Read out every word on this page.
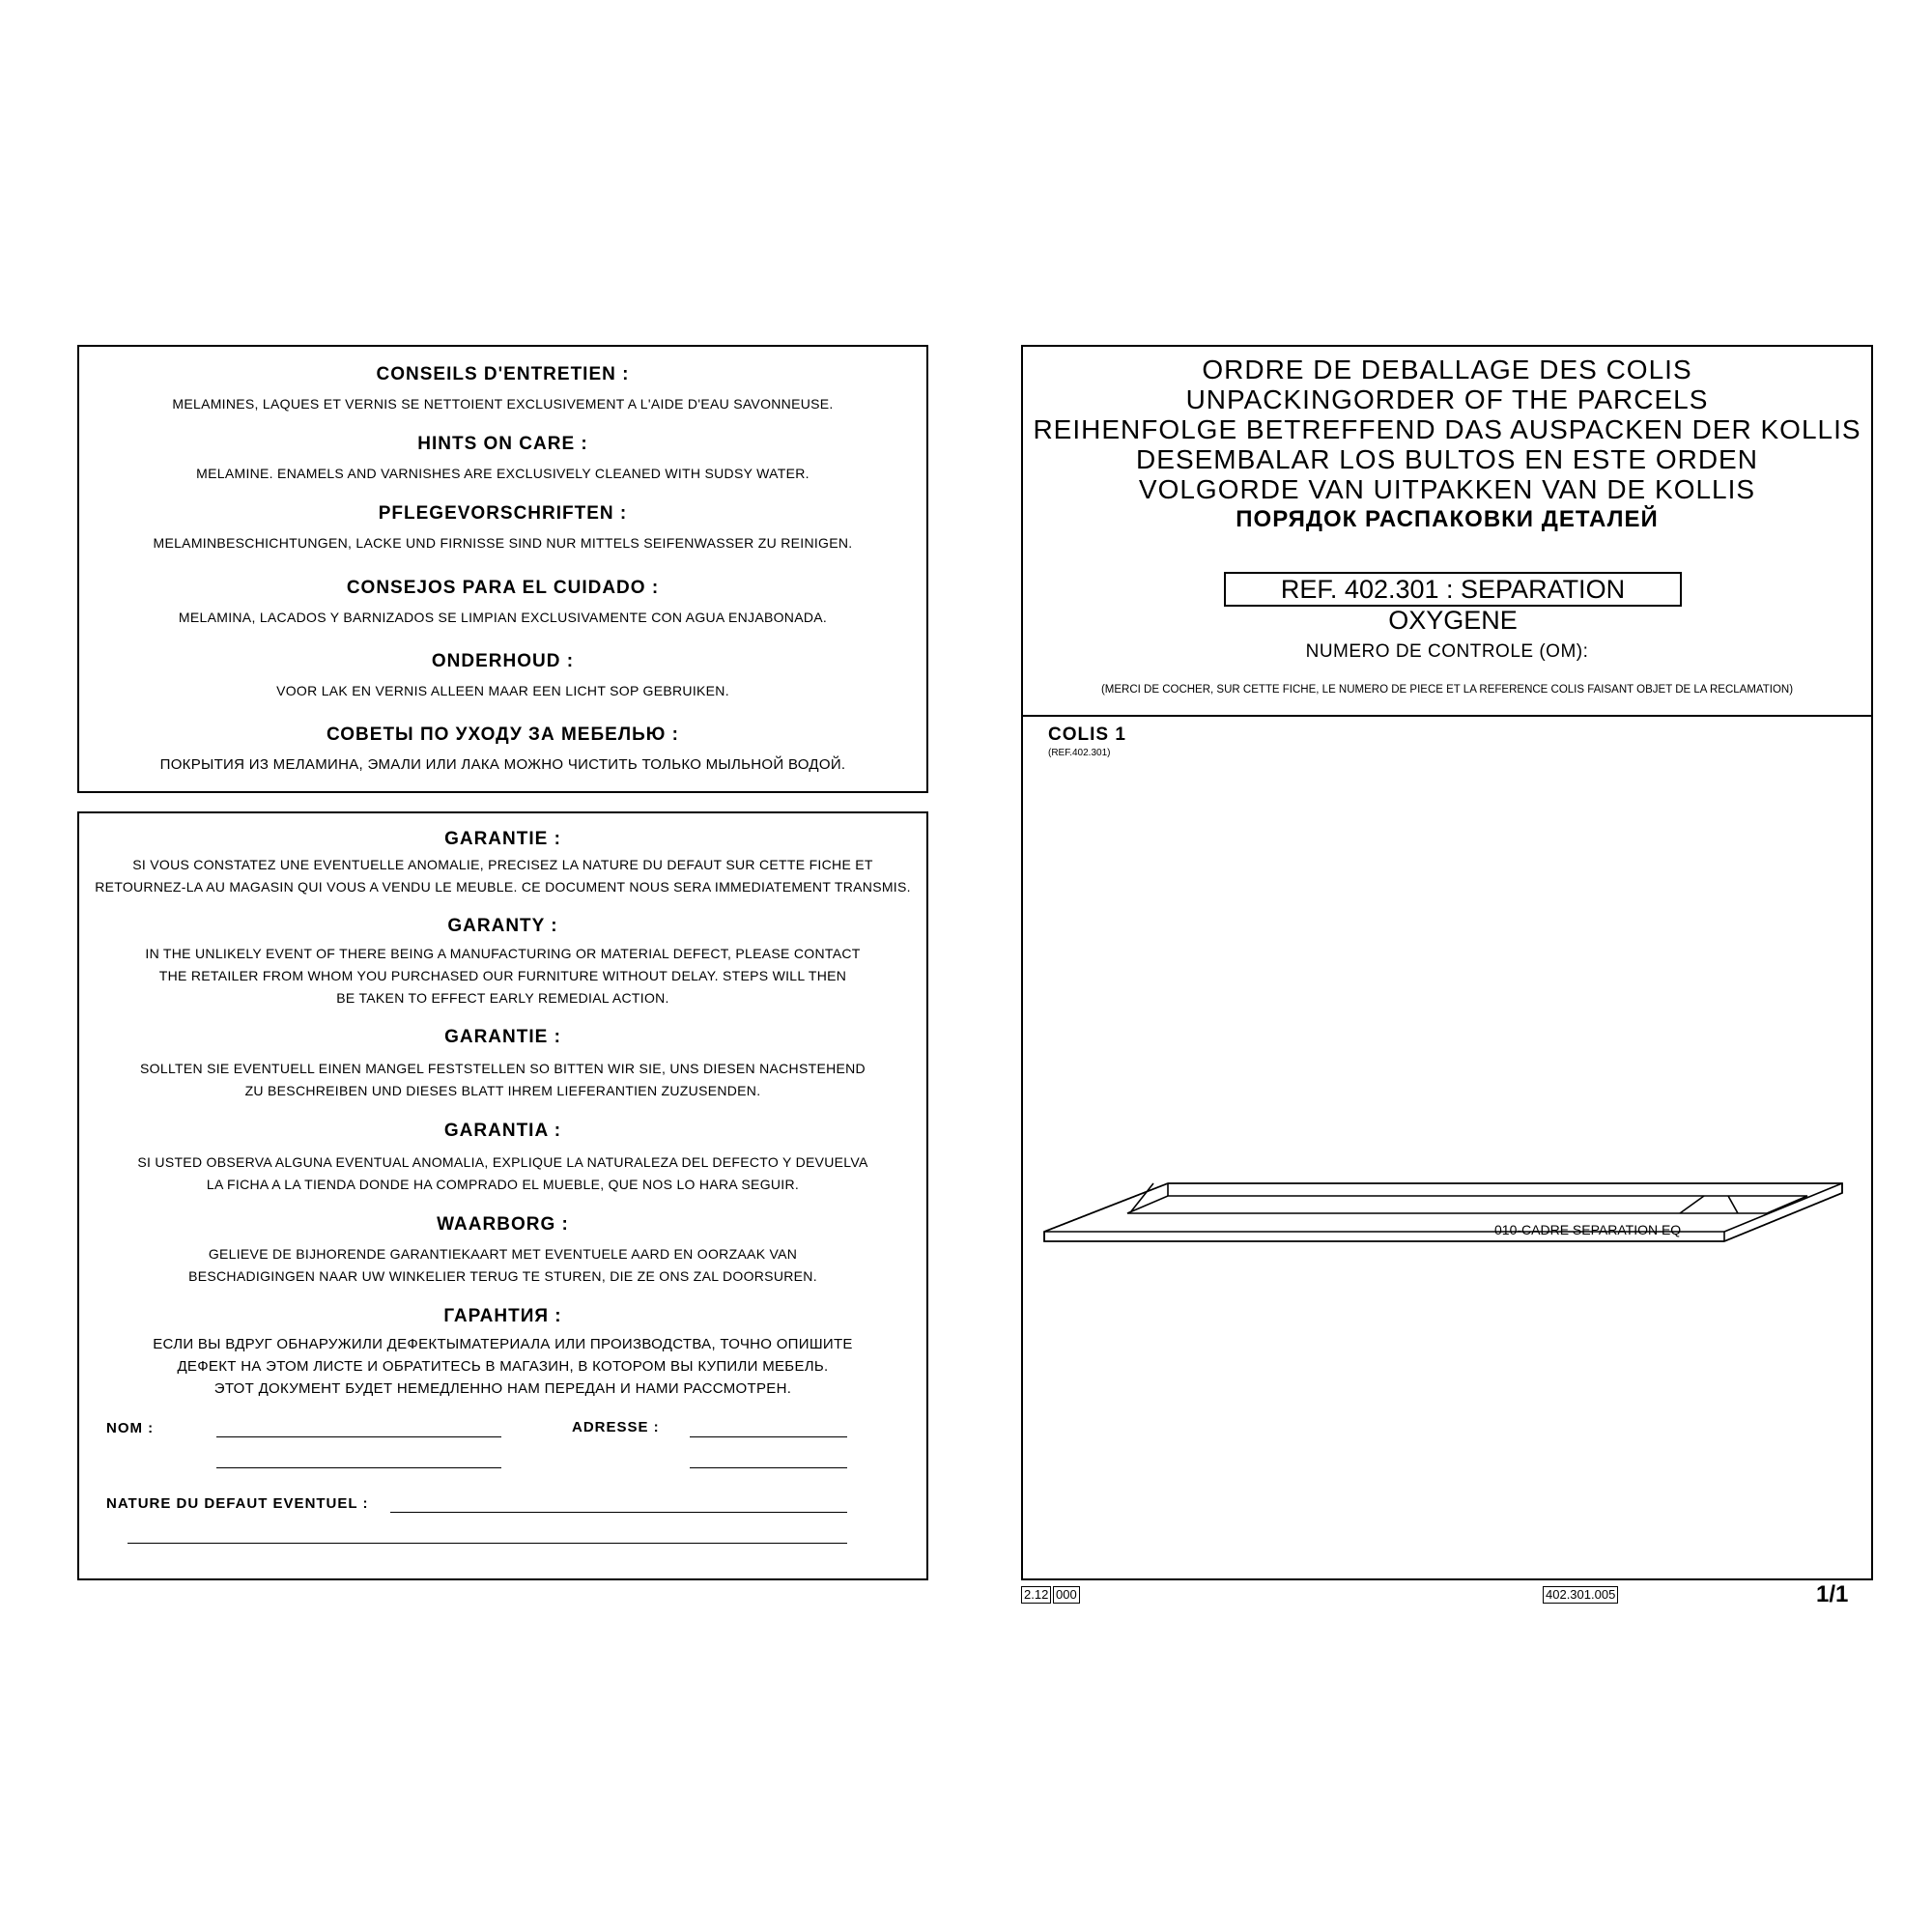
CONSEILS D'ENTRETIEN :
MELAMINES, LAQUES ET VERNIS SE NETTOIENT EXCLUSIVEMENT A L'AIDE D'EAU SAVONNEUSE.
HINTS ON CARE :
MELAMINE. ENAMELS AND VARNISHES ARE EXCLUSIVELY CLEANED WITH SUDSY WATER.
PFLEGEVORSCHRIFTEN :
MELAMINBESCHICHTUNGEN, LACKE UND FIRNISSE SIND NUR MITTELS SEIFENWASSER ZU REINIGEN.
CONSEJOS PARA EL CUIDADO :
MELAMINA, LACADOS Y BARNIZADOS SE LIMPIAN EXCLUSIVAMENTE CON AGUA ENJABONADA.
ONDERHOUD :
VOOR LAK EN VERNIS ALLEEN MAAR EEN LICHT SOP GEBRUIKEN.
СОВЕТЫ ПО УХОДУ ЗА МЕБЕЛЬЮ :
ПОКРЫТИЯ ИЗ МЕЛАМИНА, ЭМАЛИ ИЛИ ЛАКА МОЖНО ЧИСТИТЬ ТОЛЬКО МЫЛЬНОЙ ВОДОЙ.
GARANTIE :
SI VOUS CONSTATEZ UNE EVENTUELLE ANOMALIE, PRECISEZ LA NATURE DU DEFAUT SUR CETTE FICHE ET
RETOURNEZ-LA AU MAGASIN QUI VOUS A VENDU LE MEUBLE. CE DOCUMENT NOUS SERA IMMEDIATEMENT TRANSMIS.
GARANTY :
IN THE UNLIKELY EVENT OF THERE BEING A MANUFACTURING OR MATERIAL DEFECT, PLEASE CONTACT
THE RETAILER FROM WHOM YOU PURCHASED OUR FURNITURE WITHOUT DELAY. STEPS WILL THEN
BE TAKEN TO EFFECT EARLY REMEDIAL ACTION.
GARANTIE :
SOLLTEN SIE EVENTUELL EINEN MANGEL FESTSTELLEN SO BITTEN WIR SIE, UNS DIESEN NACHSTEHEND
ZU BESCHREIBEN UND DIESES BLATT IHREM LIEFERANTIEN ZUZUSENDEN.
GARANTIA :
SI USTED OBSERVA ALGUNA EVENTUAL ANOMALIA, EXPLIQUE LA NATURALEZA DEL DEFECTO Y DEVUELVA
LA FICHA A LA TIENDA DONDE HA COMPRADO EL MUEBLE, QUE NOS LO HARA SEGUIR.
WAARBORG :
GELIEVE DE BIJHORENDE GARANTIEKAART MET EVENTUELE AARD EN OORZAAK VAN
BESCHADIGINGEN NAAR UW WINKELIER TERUG TE STUREN, DIE ZE ONS ZAL DOORSUREN.
ГАРАНТИЯ :
ЕСЛИ ВЫ ВДРУГ ОБНАРУЖИЛИ ДЕФЕКТЫМАТЕРИАЛА ИЛИ ПРОИЗВОДСТВА, ТОЧНО ОПИШИТЕ
ДЕФЕКТ НА ЭТОМ ЛИСТЕ И ОБРАТИТЕСЬ В МАГАЗИН, В КОТОРОМ ВЫ КУПИЛИ МЕБЕЛЬ.
ЭТОТ ДОКУМЕНТ БУДЕТ НЕМЕДЛЕННО НАМ ПЕРЕДАН И НАМИ РАССМОТРЕН.
NOM :	ADRESSE :
NATURE DU DEFAUT EVENTUEL :
ORDRE DE DEBALLAGE DES COLIS
UNPACKINGORDER OF THE PARCELS
REIHENFOLGE BETREFFEND DAS AUSPACKEN DER KOLLIS
DESEMBALAR LOS BULTOS EN ESTE ORDEN
VOLGORDE VAN UITPAKKEN VAN DE KOLLIS
ПОРЯДОК РАСПАКОВКИ ДЕТАЛЕЙ
REF. 402.301 : SEPARATION OXYGENE
NUMERO DE CONTROLE (OM):
(MERCI DE COCHER, SUR CETTE FICHE, LE NUMERO DE PIECE ET LA REFERENCE COLIS FAISANT OBJET DE LA RECLAMATION)
COLIS 1
(REF.402.301)
010-CADRE SEPARATION EQ
2.12 000	402.301.005	1/1
